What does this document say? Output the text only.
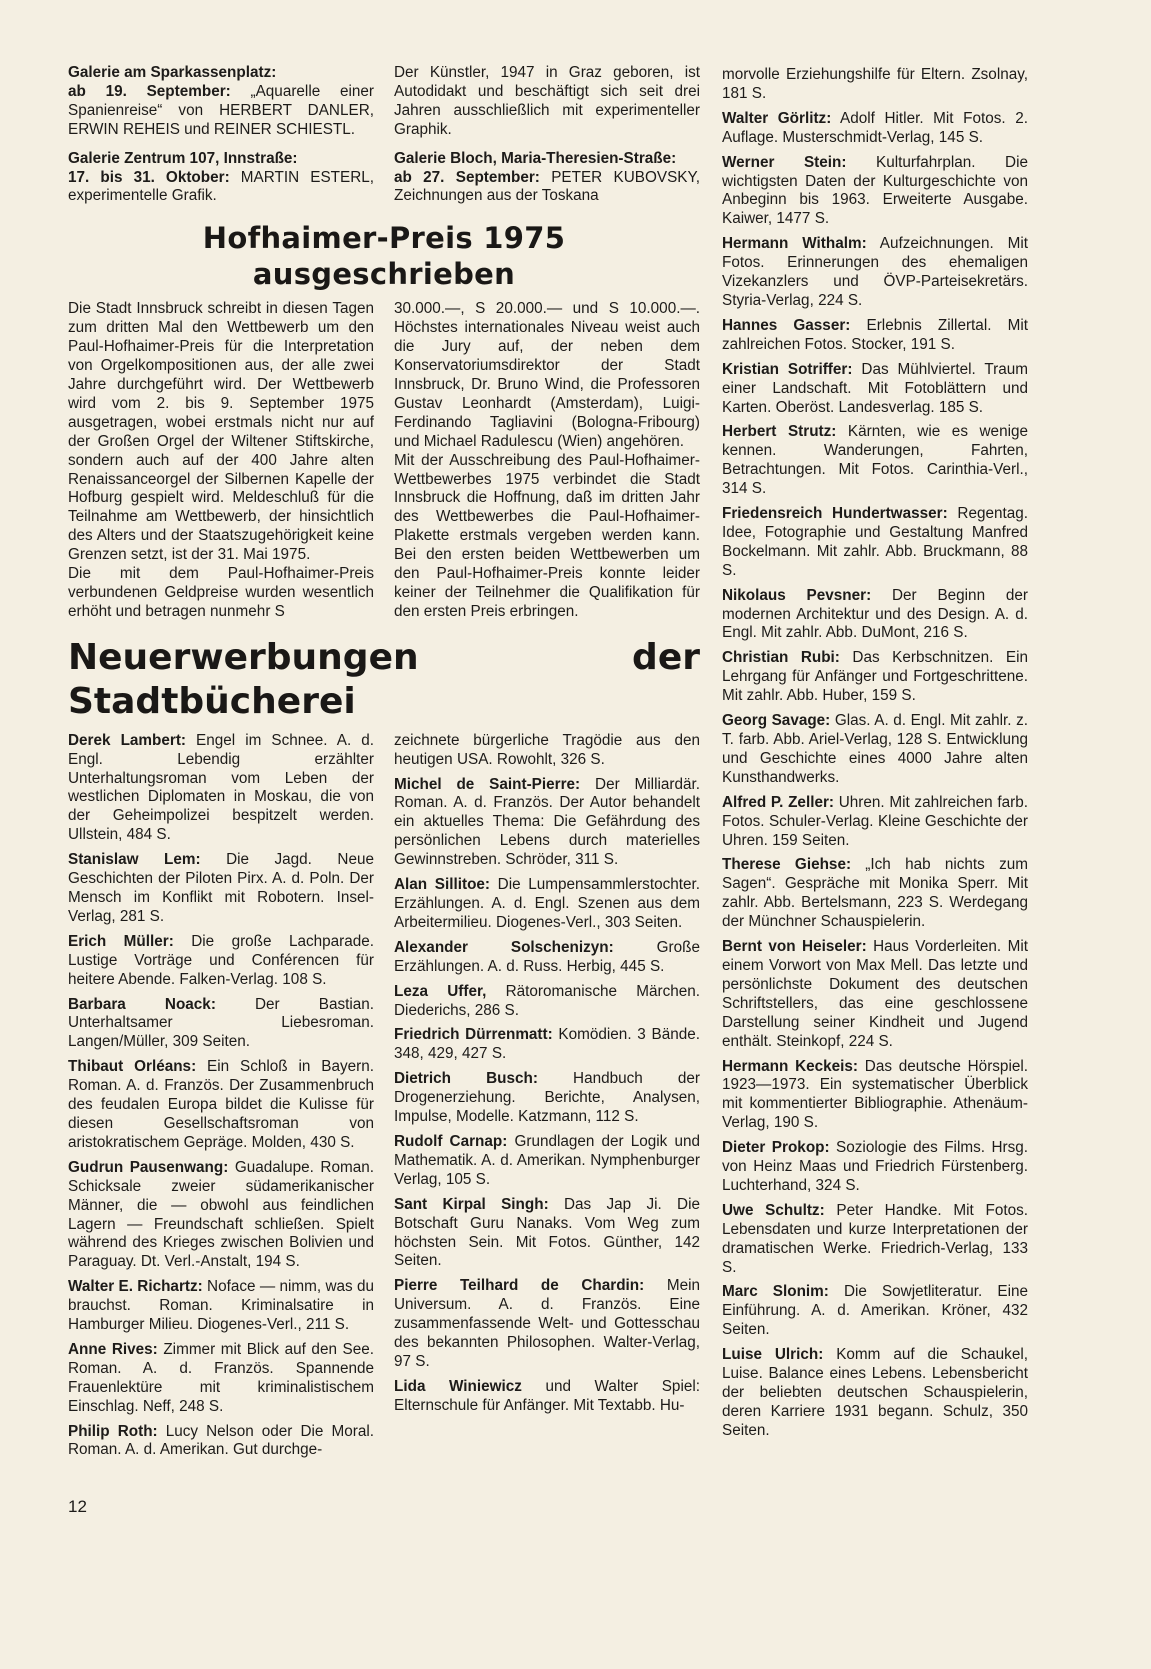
Galerie am Sparkassenplatz:

ab 19. September: „Aquarelle einer Spanienreise“ von HERBERT DANLER, ERWIN REHEIS und REINER SCHIESTL.

Galerie Zentrum 107, Innstraße:

17. bis 31. Oktober: MARTIN ESTERL, experimentelle Grafik.

Der Künstler, 1947 in Graz geboren, ist Autodidakt und beschäftigt sich seit drei Jahren ausschließlich mit experimenteller Graphik.

Galerie Bloch, Maria-Theresien-Straße:

ab 27. September: PETER KUBOVSKY, Zeichnungen aus der Toskana

Hofhaimer-Preis 1975 ausgeschrieben

Die Stadt Innsbruck schreibt in diesen Tagen zum dritten Mal den Wettbewerb um den Paul-Hofhaimer-Preis für die Interpretation von Orgelkompositionen aus, der alle zwei Jahre durchgeführt wird. Der Wettbewerb wird vom 2. bis 9. September 1975 ausgetragen, wobei erstmals nicht nur auf der Großen Orgel der Wiltener Stiftskirche, sondern auch auf der 400 Jahre alten Renaissanceorgel der Silbernen Kapelle der Hofburg gespielt wird. Meldeschluß für die Teilnahme am Wettbewerb, der hinsichtlich des Alters und der Staatszugehörigkeit keine Grenzen setzt, ist der 31. Mai 1975.

Die mit dem Paul-Hofhaimer-Preis verbundenen Geldpreise wurden wesentlich erhöht und betragen nunmehr S

30.000.—, S 20.000.— und S 10.000.—. Höchstes internationales Niveau weist auch die Jury auf, der neben dem Konservatoriumsdirektor der Stadt Innsbruck, Dr. Bruno Wind, die Professoren Gustav Leonhardt (Amsterdam), Luigi-Ferdinando Tagliavini (Bologna-Fribourg) und Michael Radulescu (Wien) angehören.

Mit der Ausschreibung des Paul-Hofhaimer-Wettbewerbes 1975 verbindet die Stadt Innsbruck die Hoffnung, daß im dritten Jahr des Wettbewerbes die Paul-Hofhaimer-Plakette erstmals vergeben werden kann. Bei den ersten beiden Wettbewerben um den Paul-Hofhaimer-Preis konnte leider keiner der Teilnehmer die Qualifikation für den ersten Preis erbringen.

Neuerwerbungen der Stadtbücherei

Derek Lambert: Engel im Schnee. A. d. Engl. Lebendig erzählter Unterhaltungsroman vom Leben der westlichen Diplomaten in Moskau, die von der Geheimpolizei bespitzelt werden. Ullstein, 484 S.

Stanislaw Lem: Die Jagd. Neue Geschichten der Piloten Pirx. A. d. Poln. Der Mensch im Konflikt mit Robotern. Insel-Verlag, 281 S.

Erich Müller: Die große Lachparade. Lustige Vorträge und Conférencen für heitere Abende. Falken-Verlag. 108 S.

Barbara Noack: Der Bastian. Unterhaltsamer Liebesroman. Langen/Müller, 309 Seiten.

Thibaut Orléans: Ein Schloß in Bayern. Roman. A. d. Französ. Der Zusammenbruch des feudalen Europa bildet die Kulisse für diesen Gesellschaftsroman von aristokratischem Gepräge. Molden, 430 S.

Gudrun Pausenwang: Guadalupe. Roman. Schicksale zweier südamerikanischer Männer, die — obwohl aus feindlichen Lagern — Freundschaft schließen. Spielt während des Krieges zwischen Bolivien und Paraguay. Dt. Verl.-Anstalt, 194 S.

Walter E. Richartz: Noface — nimm, was du brauchst. Roman. Kriminalsatire in Hamburger Milieu. Diogenes-Verl., 211 S.

Anne Rives: Zimmer mit Blick auf den See. Roman. A. d. Französ. Spannende Frauenlektüre mit kriminalistischem Einschlag. Neff, 248 S.

Philip Roth: Lucy Nelson oder Die Moral. Roman. A. d. Amerikan. Gut durchge-

zeichnete bürgerliche Tragödie aus den heutigen USA. Rowohlt, 326 S.

Michel de Saint-Pierre: Der Milliardär. Roman. A. d. Französ. Der Autor behandelt ein aktuelles Thema: Die Gefährdung des persönlichen Lebens durch materielles Gewinnstreben. Schröder, 311 S.

Alan Sillitoe: Die Lumpensammlerstochter. Erzählungen. A. d. Engl. Szenen aus dem Arbeitermilieu. Diogenes-Verl., 303 Seiten.

Alexander Solschenizyn: Große Erzählungen. A. d. Russ. Herbig, 445 S.

Leza Uffer, Rätoromanische Märchen. Diederichs, 286 S.

Friedrich Dürrenmatt: Komödien. 3 Bände. 348, 429, 427 S.

Dietrich Busch: Handbuch der Drogenerziehung. Berichte, Analysen, Impulse, Modelle. Katzmann, 112 S.

Rudolf Carnap: Grundlagen der Logik und Mathematik. A. d. Amerikan. Nymphenburger Verlag, 105 S.

Sant Kirpal Singh: Das Jap Ji. Die Botschaft Guru Nanaks. Vom Weg zum höchsten Sein. Mit Fotos. Günther, 142 Seiten.

Pierre Teilhard de Chardin: Mein Universum. A. d. Französ. Eine zusammenfassende Welt- und Gottesschau des bekannten Philosophen. Walter-Verlag, 97 S.

Lida Winiewicz und Walter Spiel: Elternschule für Anfänger. Mit Textabb. Hu-

12

morvolle Erziehungshilfe für Eltern. Zsolnay, 181 S.

Walter Görlitz: Adolf Hitler. Mit Fotos. 2. Auflage. Musterschmidt-Verlag, 145 S.

Werner Stein: Kulturfahrplan. Die wichtigsten Daten der Kulturgeschichte von Anbeginn bis 1963. Erweiterte Ausgabe. Kaiwer, 1477 S.

Hermann Withalm: Aufzeichnungen. Mit Fotos. Erinnerungen des ehemaligen Vizekanzlers und ÖVP-Parteisekretärs. Styria-Verlag, 224 S.

Hannes Gasser: Erlebnis Zillertal. Mit zahlreichen Fotos. Stocker, 191 S.

Kristian Sotriffer: Das Mühlviertel. Traum einer Landschaft. Mit Fotoblättern und Karten. Oberöst. Landesverlag. 185 S.

Herbert Strutz: Kärnten, wie es wenige kennen. Wanderungen, Fahrten, Betrachtungen. Mit Fotos. Carinthia-Verl., 314 S.

Friedensreich Hundertwasser: Regentag. Idee, Fotographie und Gestaltung Manfred Bockelmann. Mit zahlr. Abb. Bruckmann, 88 S.

Nikolaus Pevsner: Der Beginn der modernen Architektur und des Design. A. d. Engl. Mit zahlr. Abb. DuMont, 216 S.

Christian Rubi: Das Kerbschnitzen. Ein Lehrgang für Anfänger und Fortgeschrittene. Mit zahlr. Abb. Huber, 159 S.

Georg Savage: Glas. A. d. Engl. Mit zahlr. z. T. farb. Abb. Ariel-Verlag, 128 S. Entwicklung und Geschichte eines 4000 Jahre alten Kunsthandwerks.

Alfred P. Zeller: Uhren. Mit zahlreichen farb. Fotos. Schuler-Verlag. Kleine Geschichte der Uhren. 159 Seiten.

Therese Giehse: „Ich hab nichts zum Sagen“. Gespräche mit Monika Sperr. Mit zahlr. Abb. Bertelsmann, 223 S. Werdegang der Münchner Schauspielerin.

Bernt von Heiseler: Haus Vorderleiten. Mit einem Vorwort von Max Mell. Das letzte und persönlichste Dokument des deutschen Schriftstellers, das eine geschlossene Darstellung seiner Kindheit und Jugend enthält. Steinkopf, 224 S.

Hermann Keckeis: Das deutsche Hörspiel. 1923—1973. Ein systematischer Überblick mit kommentierter Bibliographie. Athenäum-Verlag, 190 S.

Dieter Prokop: Soziologie des Films. Hrsg. von Heinz Maas und Friedrich Fürstenberg. Luchterhand, 324 S.

Uwe Schultz: Peter Handke. Mit Fotos. Lebensdaten und kurze Interpretationen der dramatischen Werke. Friedrich-Verlag, 133 S.

Marc Slonim: Die Sowjetliteratur. Eine Einführung. A. d. Amerikan. Kröner, 432 Seiten.

Luise Ulrich: Komm auf die Schaukel, Luise. Balance eines Lebens. Lebensbericht der beliebten deutschen Schauspielerin, deren Karriere 1931 begann. Schulz, 350 Seiten.
